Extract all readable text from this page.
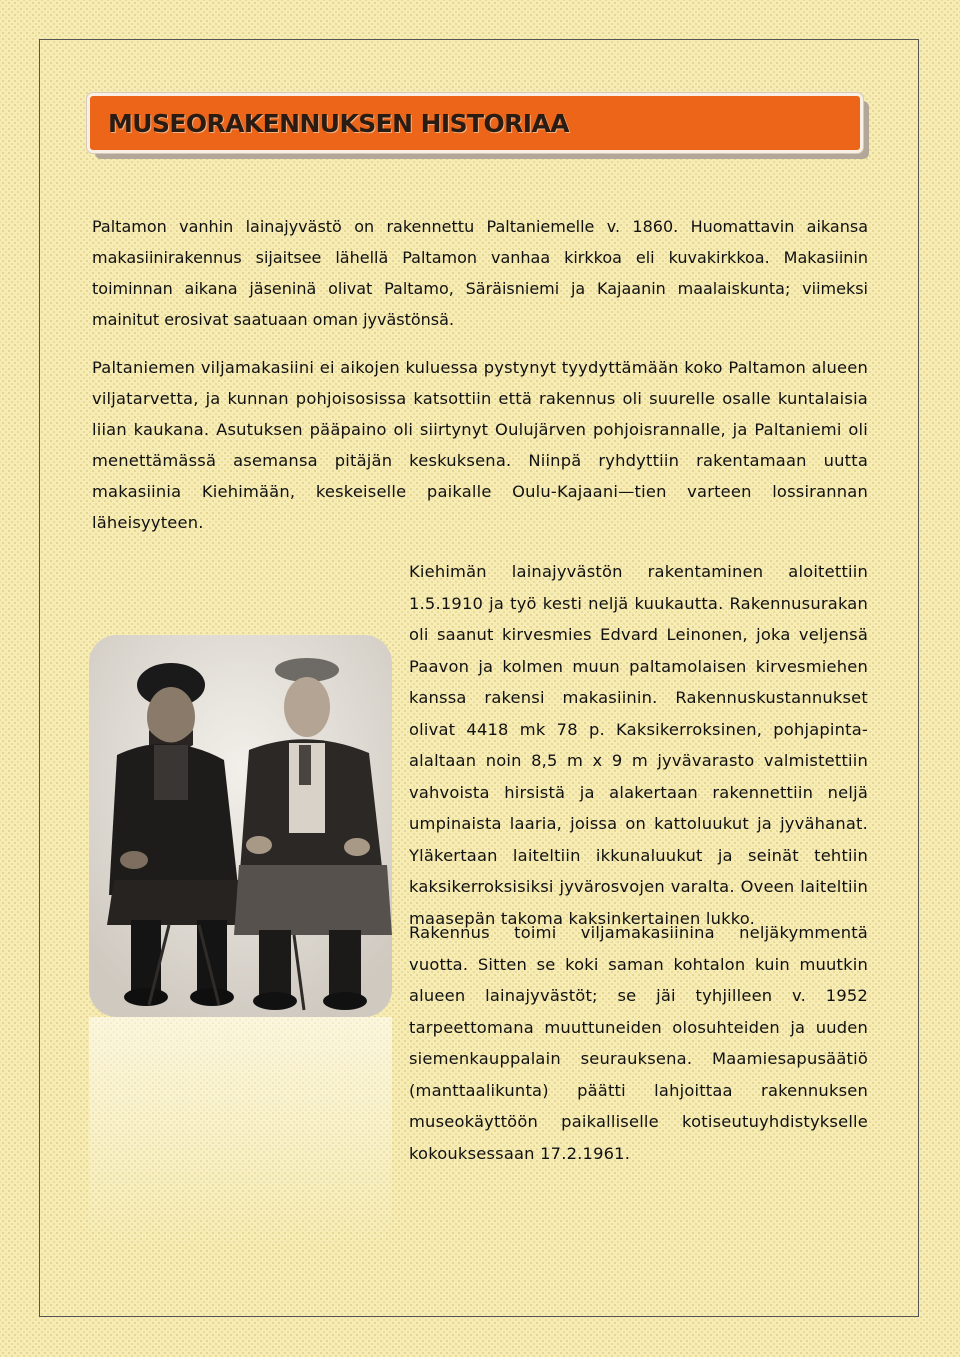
MUSEORAKENNUKSEN HISTORIAA

Paltamon vanhin lainajyvästö on rakennettu Paltaniemelle v. 1860. Huomattavin aikansa makasiinirakennus sijaitsee lähellä Paltamon vanhaa kirkkoa eli kuvakirkkoa. Makasiinin toiminnan aikana jäseninä olivat Paltamo, Säräisniemi ja Kajaanin maalaiskunta; viimeksi mainitut erosivat saatuaan oman jyvästönsä.

Paltaniemen viljamakasiini ei aikojen kuluessa pystynyt tyydyttämään koko Paltamon alueen viljatarvetta, ja kunnan pohjoisosissa katsottiin että rakennus oli suurelle osalle kuntalaisia liian kaukana. Asutuksen pääpaino oli siirtynyt Oulujärven pohjoisrannalle, ja Paltaniemi oli menettämässä asemansa pitäjän keskuksena. Niinpä ryhdyttiin rakentamaan uutta makasiinia Kiehimään, keskeiselle paikalle Oulu-Kajaani—tien varteen lossirannan läheisyyteen.

Kiehimän lainajyvästön rakentaminen aloitettiin 1.5.1910 ja työ kesti neljä kuukautta. Rakennusurakan oli saanut kirvesmies Edvard Leinonen, joka veljensä Paavon ja kolmen muun paltamolaisen kirvesmiehen kanssa rakensi makasiinin. Rakennuskustannukset olivat 4418 mk 78 p. Kaksikerroksinen, pohjapinta-alaltaan noin 8,5 m x 9 m jyvävarasto valmistettiin vahvoista hirsistä ja alakertaan rakennettiin neljä umpinaista laaria, joissa on kattoluukut ja jyvähanat. Yläkertaan laiteltiin ikkunaluukut ja seinät tehtiin kaksikerroksisiksi jyvärosvojen varalta. Oveen laiteltiin maasepän takoma kaksinkertainen lukko.

Rakennus toimi viljamakasiinina neljäkymmentä vuotta. Sitten se koki saman kohtalon kuin muutkin alueen lainajyvästöt; se jäi tyhjilleen v. 1952 tarpeettomana muuttuneiden olosuhteiden ja uuden siemenkauppalain seurauksena. Maamiesapusäätiö (manttaalikunta) päätti lahjoittaa rakennuksen museokäyttöön paikalliselle kotiseutuyhdistykselle kokouksessaan 17.2.1961.
